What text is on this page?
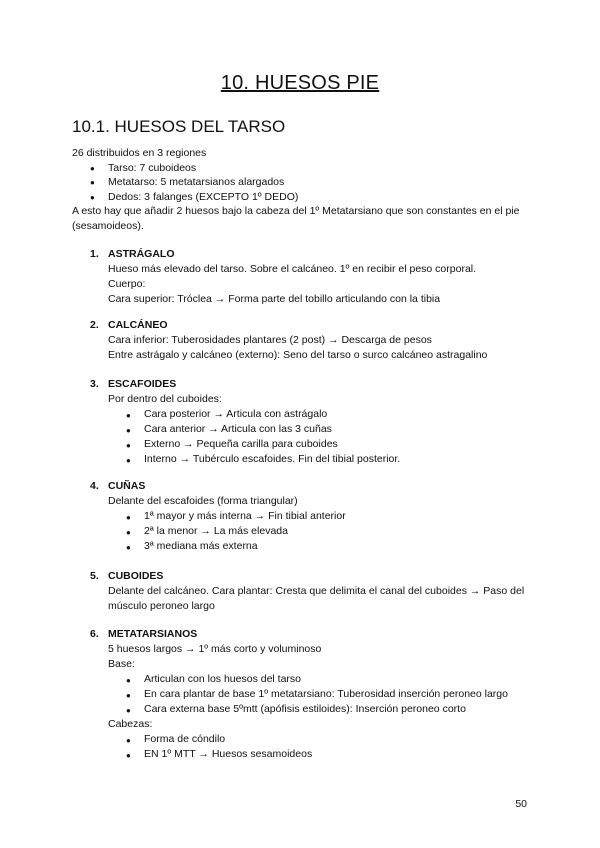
10. HUESOS PIE
10.1. HUESOS DEL TARSO
26 distribuidos en 3 regiones
● Tarso: 7 cuboideos
● Metatarso: 5 metatarsianos alargados
● Dedos: 3 falanges (EXCEPTO 1º DEDO)
A esto hay que añadir 2 huesos bajo la cabeza del 1º Metatarsiano que son constantes en el pie (sesamoideos).
1. ASTRÁGALO
Hueso más elevado del tarso. Sobre el calcáneo. 1º en recibir el peso corporal.
Cuerpo:
Cara superior: Tróclea → Forma parte del tobillo articulando con la tibia
2. CALCÁNEO
Cara inferior: Tuberosidades plantares (2 post) → Descarga de pesos
Entre astrágalo y calcáneo (externo): Seno del tarso o surco calcáneo astragalino
3. ESCAFOIDES
Por dentro del cuboides:
● Cara posterior → Articula con astrágalo
● Cara anterior → Articula con las 3 cuñas
● Externo → Pequeña carilla para cuboides
● Interno → Tubérculo escafoides. Fin del tibial posterior.
4. CUÑAS
Delante del escafoides (forma triangular)
● 1ª mayor y más interna → Fin tibial anterior
● 2ª la menor → La más elevada
● 3ª mediana más externa
5. CUBOIDES
Delante del calcáneo. Cara plantar: Cresta que delimita el canal del cuboides → Paso del músculo peroneo largo
6. METATARSIANOS
5 huesos largos → 1º más corto y voluminoso
Base:
● Articulan con los huesos del tarso
● En cara plantar de base 1º metatarsiano: Tuberosidad inserción peroneo largo
● Cara externa base 5ºmtt (apófisis estiloides): Inserción peroneo corto
Cabezas:
● Forma de cóndilo
● EN 1º MTT → Huesos sesamoideos
50
